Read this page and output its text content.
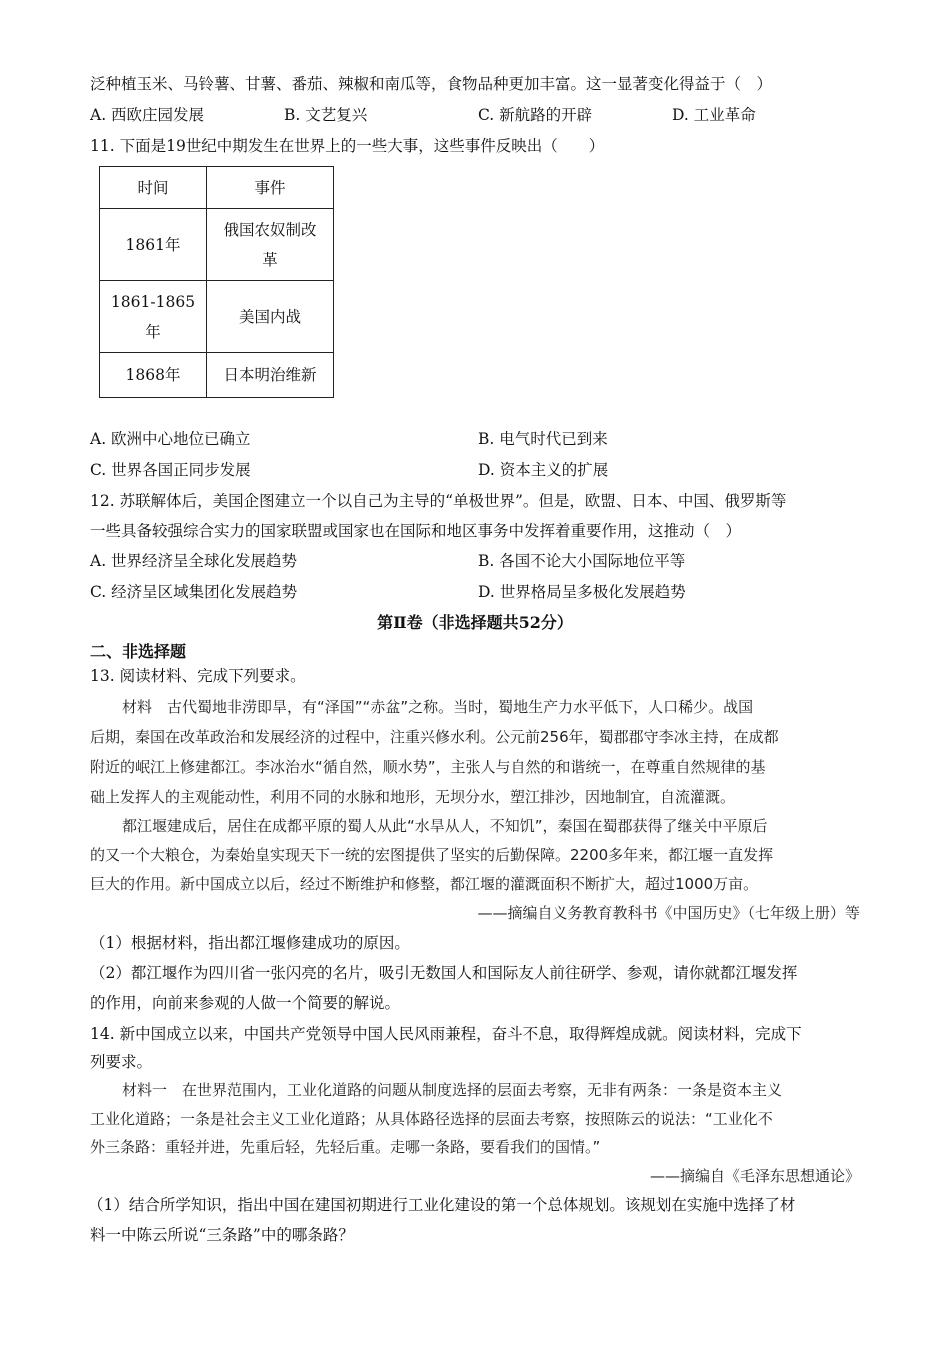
泛种植玉米、马铃薯、甘薯、番茄、辣椒和南瓜等，食物品种更加丰富。这一显著变化得益于（　）
A. 西欧庄园发展	B. 文艺复兴	C. 新航路的开辟	D. 工业革命
11. 下面是19世纪中期发生在世界上的一些大事，这些事件反映出（　　）
时间	事件

1861年	俄国农奴制改
革

1861-1865
年	美国内战

1868年	日本明治维新
A. 欧洲中心地位已确立	B. 电气时代已到来
C. 世界各国正同步发展	D. 资本主义的扩展
12. 苏联解体后，美国企图建立一个以自己为主导的“单极世界”。但是，欧盟、日本、中国、俄罗斯等
一些具备较强综合实力的国家联盟或国家也在国际和地区事务中发挥着重要作用，这推动（　）
A. 世界经济呈全球化发展趋势	B. 各国不论大小国际地位平等
C. 经济呈区域集团化发展趋势	D. 世界格局呈多极化发展趋势
第Ⅱ卷（非选择题共52分）
二、非选择题
13. 阅读材料、完成下列要求。
材料　古代蜀地非涝即旱，有“泽国”“赤盆”之称。当时，蜀地生产力水平低下，人口稀少。战国
后期，秦国在改革政治和发展经济的过程中，注重兴修水利。公元前256年，蜀郡郡守李冰主持，在成都
附近的岷江上修建都江。李冰治水“循自然，顺水势”，主张人与自然的和谐统一，在尊重自然规律的基
础上发挥人的主观能动性，利用不同的水脉和地形，无坝分水，塑江排沙，因地制宜，自流灌溉。
都江堰建成后，居住在成都平原的蜀人从此“水旱从人，不知饥”，秦国在蜀郡获得了继关中平原后
的又一个大粮仓，为秦始皇实现天下一统的宏图提供了坚实的后勤保障。2200多年来，都江堰一直发挥
巨大的作用。新中国成立以后，经过不断维护和修整，都江堰的灌溉面积不断扩大，超过1000万亩。
——摘编自义务教育教科书《中国历史》（七年级上册）等
（1）根据材料，指出都江堰修建成功的原因。
（2）都江堰作为四川省一张闪亮的名片，吸引无数国人和国际友人前往研学、参观，请你就都江堰发挥
的作用，向前来参观的人做一个简要的解说。
14. 新中国成立以来，中国共产党领导中国人民风雨兼程，奋斗不息，取得辉煌成就。阅读材料，完成下
列要求。
材料一　在世界范围内，工业化道路的问题从制度选择的层面去考察，无非有两条：一条是资本主义
工业化道路；一条是社会主义工业化道路；从具体路径选择的层面去考察，按照陈云的说法：“工业化不
外三条路：重轻并进，先重后轻，先轻后重。走哪一条路，要看我们的国情。”
——摘编自《毛泽东思想通论》
（1）结合所学知识，指出中国在建国初期进行工业化建设的第一个总体规划。该规划在实施中选择了材
料一中陈云所说“三条路”中的哪条路？
